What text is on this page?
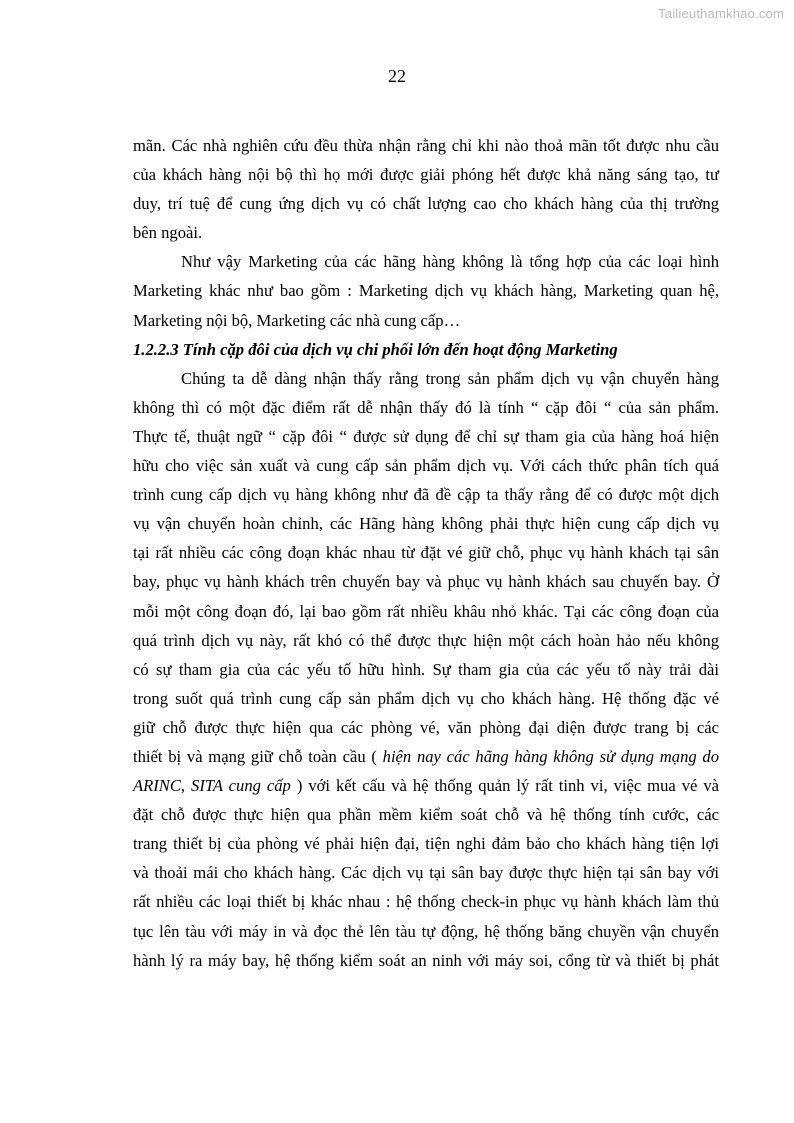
Tailieuthamkhao.com
22
mãn. Các nhà nghiên cứu đều thừa nhận rằng chỉ khi nào thoả mãn tốt được nhu cầu
của khách hàng nội bộ thì họ mới được giải phóng hết được khả năng sáng tạo, tư
duy, trí tuệ để cung ứng dịch vụ có chất lượng cao cho khách hàng của thị trường
bên ngoài.
Như vậy Marketing của các hãng hàng không là tổng hợp của các loại hình
Marketing khác như bao gồm : Marketing dịch vụ khách hàng, Marketing quan hệ,
Marketing nội bộ, Marketing các nhà cung cấp…
1.2.2.3 Tính cặp đôi của dịch vụ chi phối lớn đến hoạt động Marketing
Chúng ta dễ dàng nhận thấy rằng trong sản phẩm dịch vụ vận chuyển hàng
không thì có một đặc điểm rất dễ nhận thấy đó là tính “ cặp đôi “ của sản phẩm.
Thực tế, thuật ngữ “ cặp đôi “ được sử dụng để chỉ sự tham gia của hàng hoá hiện
hữu cho việc sản xuất và cung cấp sản phẩm dịch vụ. Với cách thức phân tích quá
trình cung cấp dịch vụ hàng không như đã đề cập ta thấy rằng để có được một dịch
vụ vận chuyển hoàn chỉnh, các Hãng hàng không phải thực hiện cung cấp dịch vụ
tại rất nhiều các công đoạn khác nhau từ đặt vé giữ chỗ, phục vụ hành khách tại sân
bay, phục vụ hành khách trên chuyến bay và phục vụ hành khách sau chuyến bay. Ở
mỗi một công đoạn đó, lại bao gồm rất nhiều khâu nhỏ khác. Tại các công đoạn của
quá trình dịch vụ này, rất khó có thể được thực hiện một cách hoàn hảo nếu không
có sự tham gia của các yếu tố hữu hình. Sự tham gia của các yếu tố này trải dài
trong suốt quá trình cung cấp sản phẩm dịch vụ cho khách hàng. Hệ thống đặc vé
giữ chỗ được thực hiện qua các phòng vé, văn phòng đại diện được trang bị các
thiết bị và mạng giữ chỗ toàn cầu ( hiện nay các hãng hàng không sử dụng mạng do
ARINC, SITA cung cấp ) với kết cấu và hệ thống quản lý rất tinh vi, việc mua vé và
đặt chỗ được thực hiện qua phần mềm kiểm soát chỗ và hệ thống tính cước, các
trang thiết bị của phòng vé phải hiện đại, tiện nghi đảm bảo cho khách hàng tiện lợi
và thoải mái cho khách hàng. Các dịch vụ tại sân bay được thực hiện tại sân bay với
rất nhiều các loại thiết bị khác nhau : hệ thống check-in phục vụ hành khách làm thủ
tục lên tàu với máy in và đọc thẻ lên tàu tự động, hệ thống băng chuyền vận chuyển
hành lý ra máy bay, hệ thống kiểm soát an ninh với máy soi, cổng từ và thiết bị phát
